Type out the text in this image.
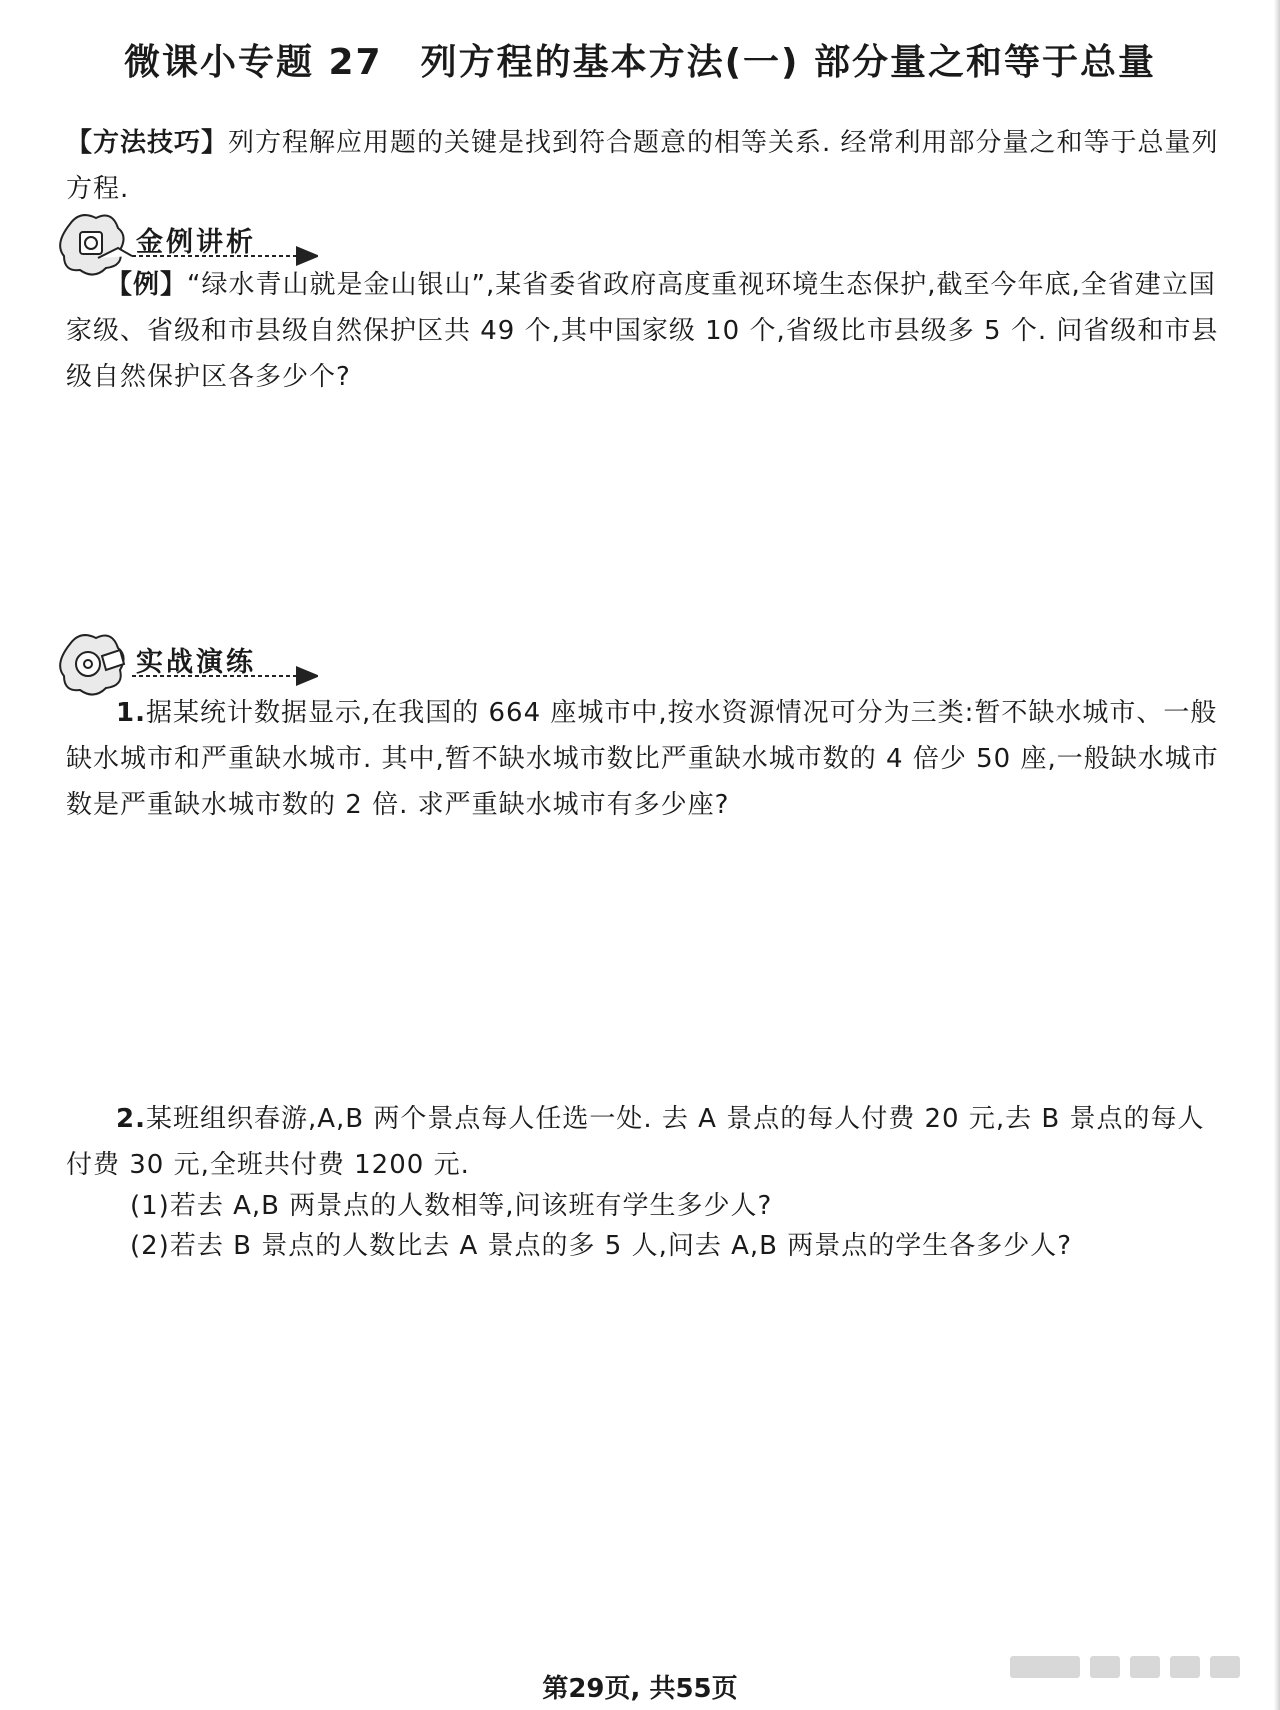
微课小专题 27　列方程的基本方法(一) 部分量之和等于总量
【方法技巧】列方程解应用题的关键是找到符合题意的相等关系. 经常利用部分量之和等于总量列方程.
金例讲析
【例】“绿水青山就是金山银山”,某省委省政府高度重视环境生态保护,截至今年底,全省建立国家级、省级和市县级自然保护区共 49 个,其中国家级 10 个,省级比市县级多 5 个. 问省级和市县级自然保护区各多少个?
实战演练
1.据某统计数据显示,在我国的 664 座城市中,按水资源情况可分为三类:暂不缺水城市、一般缺水城市和严重缺水城市. 其中,暂不缺水城市数比严重缺水城市数的 4 倍少 50 座,一般缺水城市数是严重缺水城市数的 2 倍. 求严重缺水城市有多少座?
2.某班组织春游,A,B 两个景点每人任选一处. 去 A 景点的每人付费 20 元,去 B 景点的每人付费 30 元,全班共付费 1200 元.
(1)若去 A,B 两景点的人数相等,问该班有学生多少人?
(2)若去 B 景点的人数比去 A 景点的多 5 人,问去 A,B 两景点的学生各多少人?
第29页, 共55页
